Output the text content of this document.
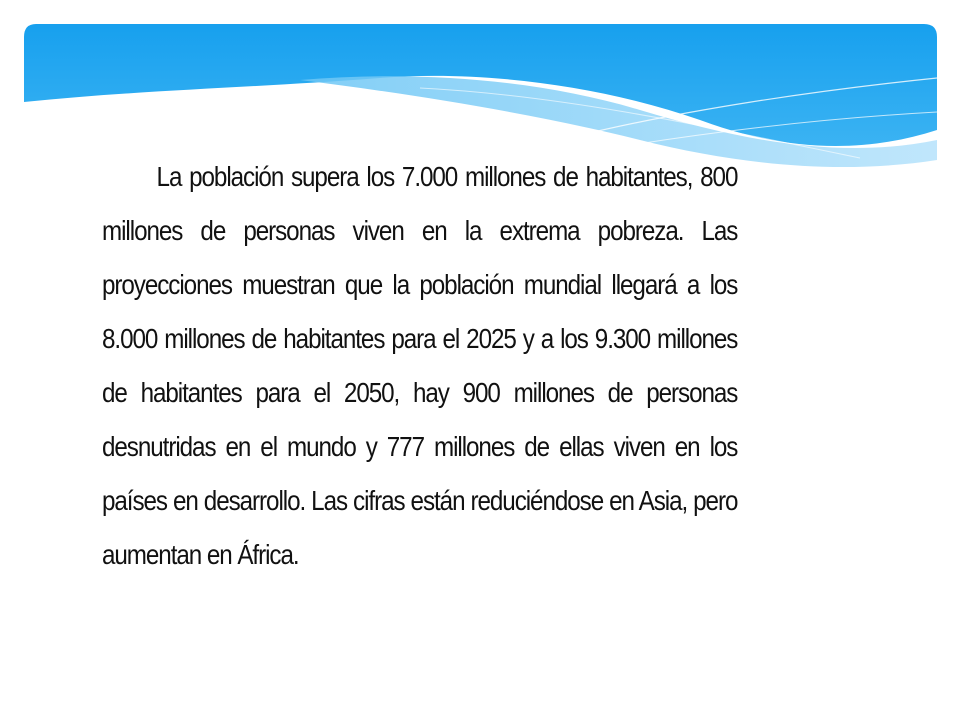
La población supera los 7.000 millones de habitantes, 800 millones de personas viven en la extrema pobreza. Las proyecciones muestran que la población mundial llegará a los 8.000 millones de habitantes para el 2025 y a los 9.300 millones de habitantes para el 2050, hay 900 millones de personas desnutridas en el mundo y 777 millones de ellas viven en los países en desarrollo. Las cifras están reduciéndose en Asia, pero aumentan en África.
